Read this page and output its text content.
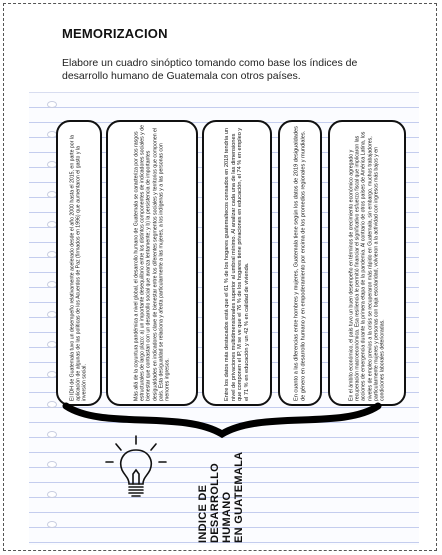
MEMORIZACION
Elabore un cuadro sinóptico tomando como base los índices de desarrollo humano de Guatemala con otros países.
El IDH de Guatemala tuvo un desempeño relativamente acelerado desde el año 2000 hasta el 2015, en parte por la aplicación de algunas de las políticas de los Acuerdos de Paz (firmados en 1996) que aumentaron el gasto y la inversión social.	Más allá de la coyuntura pandémica a nivel global, el desarrollo humano de Guatemala se caracteriza por dos rasgos estructurales de largo plazo: a) un importante desequilibrio entre los distintos componentes de indicadores sociales y de bienestar que contrastan con un desarrollo social que avanza lentamente; y b) la persistencia de importantes desigualdades en indicadores clave de bienestar entre los diferentes segmentos sociales y territorios que componen el país. Esta desigualdad se relaciona y afecta particularmente a las mujeres, a los indígenas y a las personas con menores ingresos.	Entre los datos más destacados está que el 61 % de los hogares guatemaltecos censados en 2018 tendría un nivel de privaciones multidimensionales superior al umbral mínimo. Al analizar cada una de las dimensiones que componen el IP, M se ve que el 76 % de los hogares tiene privaciones en educación, el 74 % en empleo y el 71 % en educación y un 42 % en calidad de vivienda.	En cuanto a las diferencias entre hombres y mujeres, Guatemala tiene según los datos de 2019 desigualdades de género en desarrollo humano y en empoderamiento por encima de los promedios regionales y mundiales.	En el ámbito económico, el país tuvo un buen desempeño en términos de crecimiento económico agregado y recuperación macroeconómica. Esa resiliencia le permitió financiar el significativo esfuerzo fiscal que implicaron las acciones de emergencia durante la primera etapa de la pandemia. Al contrario de otros países de América Latina, los niveles de empleo previos a la crisis se recuperaron más rápido en Guatemala, sin embargo, muchos trabajadores, particularmente mujeres y personas con baja escolaridad, volvieron a la actividad con ingresos más bajos y en condiciones laborales deterioradas.
INDICE DE DESARROLLO HUMANO EN GUATEMALA
